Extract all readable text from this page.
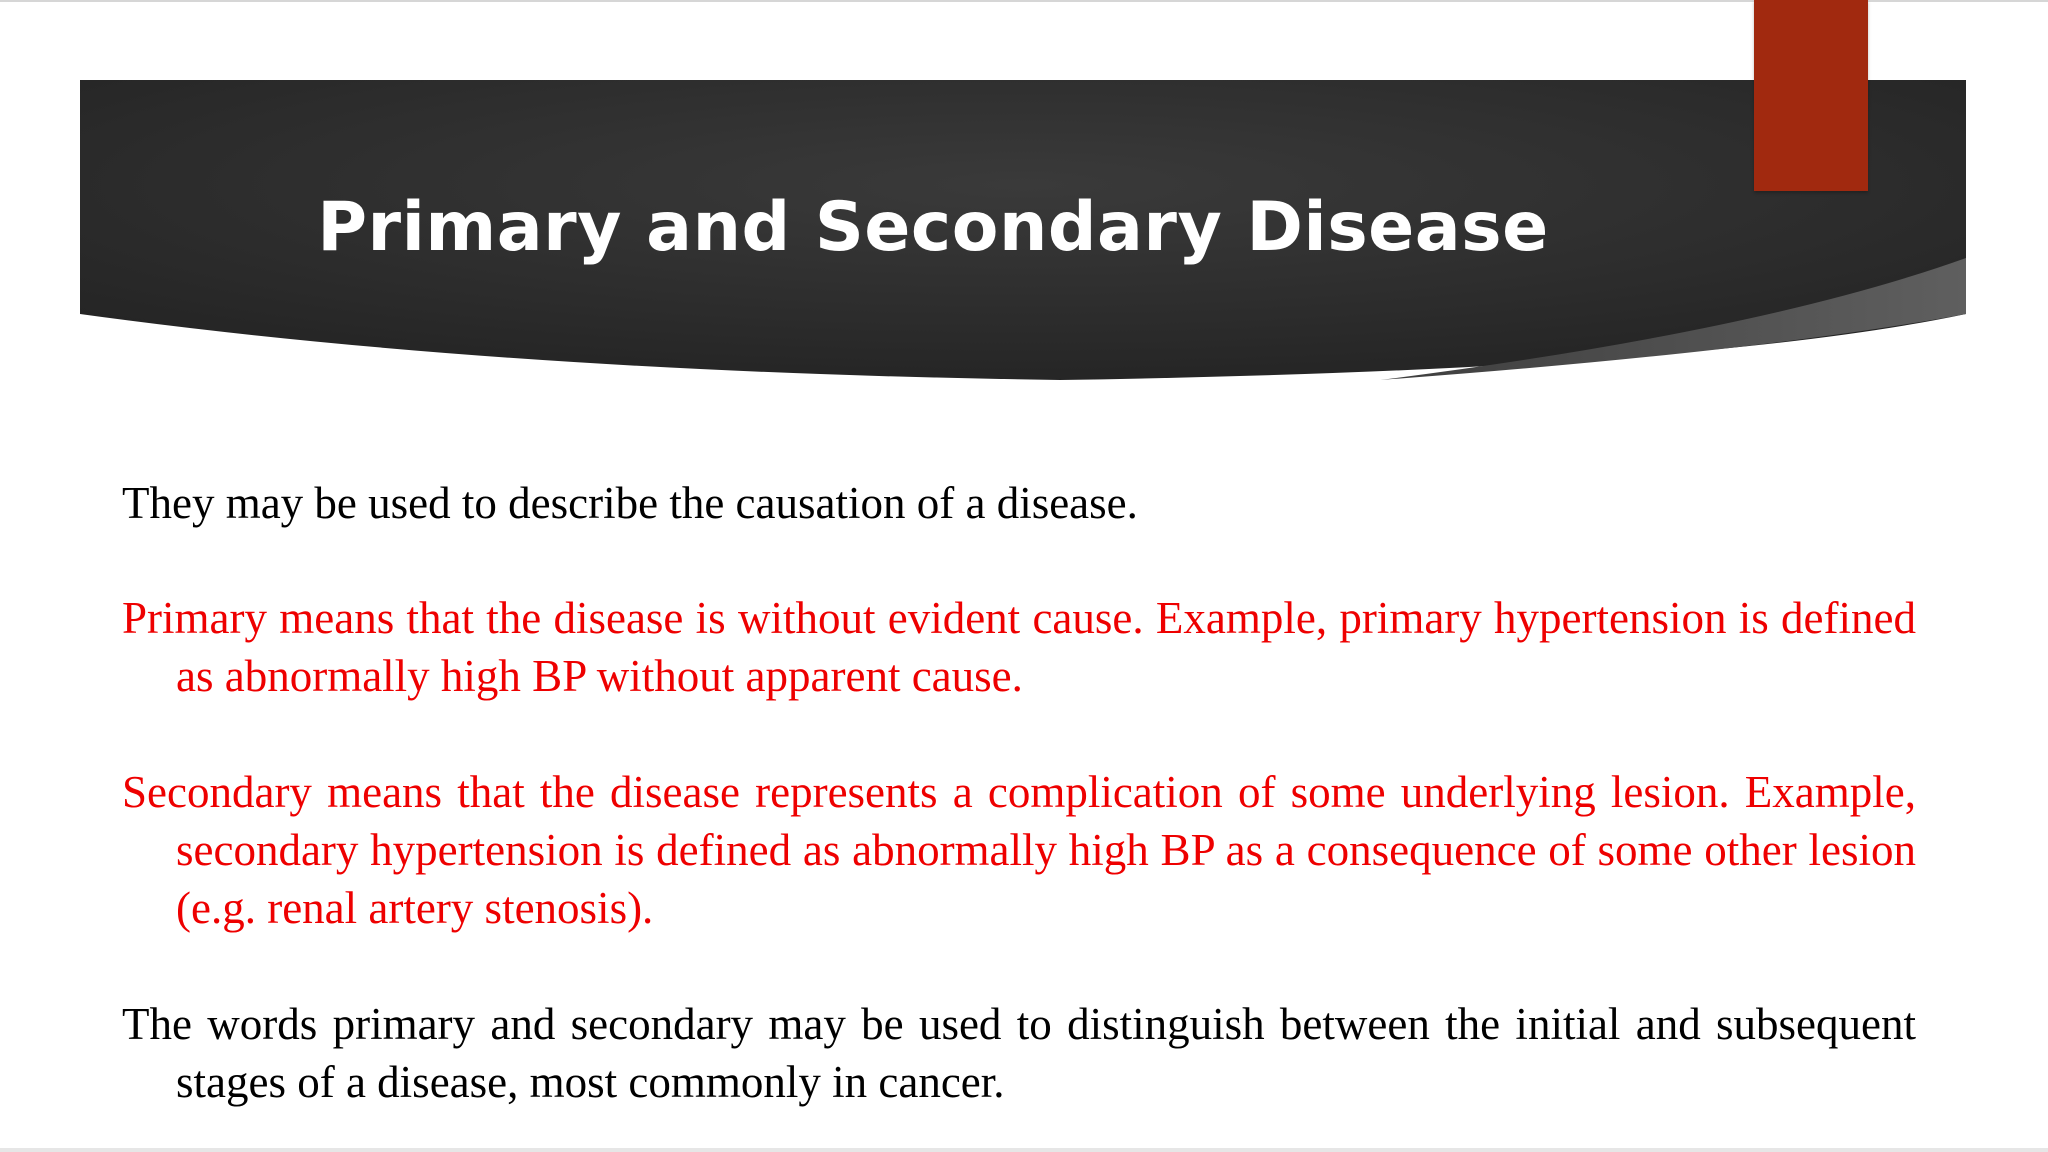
Primary and Secondary Disease

They may be used to describe the causation of a disease.

Primary means that the disease is without evident cause. Example, primary hypertension is defined as abnormally high BP without apparent cause.

Secondary means that the disease represents a complication of some underlying lesion. Example, secondary hypertension is defined as abnormally high BP as a consequence of some other lesion (e.g. renal artery stenosis).

The words primary and secondary may be used to distinguish between the initial and subsequent stages of a disease, most commonly in cancer.
